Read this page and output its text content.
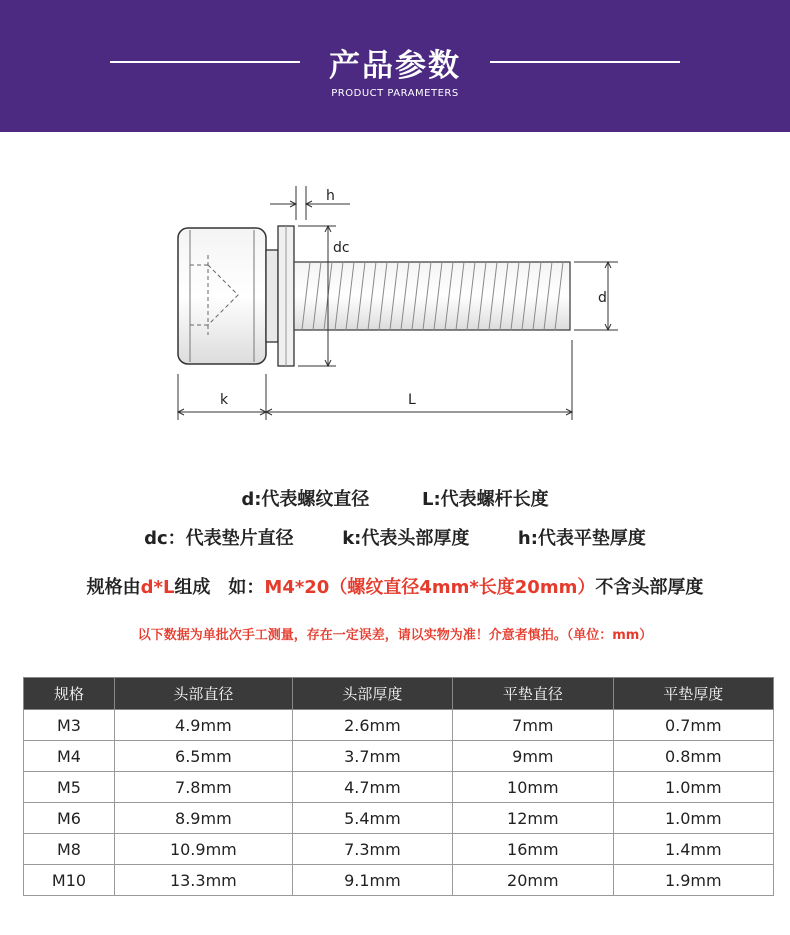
产品参数
PRODUCT PARAMETERS
h
dc
d
k	L
d:代表螺纹直径	L:代表螺杆长度
dc：代表垫片直径	k:代表头部厚度	h:代表平垫厚度
规格由d*L组成　如：M4*20（螺纹直径4mm*长度20mm）不含头部厚度
以下数据为单批次手工测量，存在一定误差，请以实物为准！介意者慎拍。（单位：mm）
规格	头部直径	头部厚度	平垫直径	平垫厚度
M3	4.9mm	2.6mm	7mm	0.7mm
M4	6.5mm	3.7mm	9mm	0.8mm
M5	7.8mm	4.7mm	10mm	1.0mm
M6	8.9mm	5.4mm	12mm	1.0mm
M8	10.9mm	7.3mm	16mm	1.4mm
M10	13.3mm	9.1mm	20mm	1.9mm
